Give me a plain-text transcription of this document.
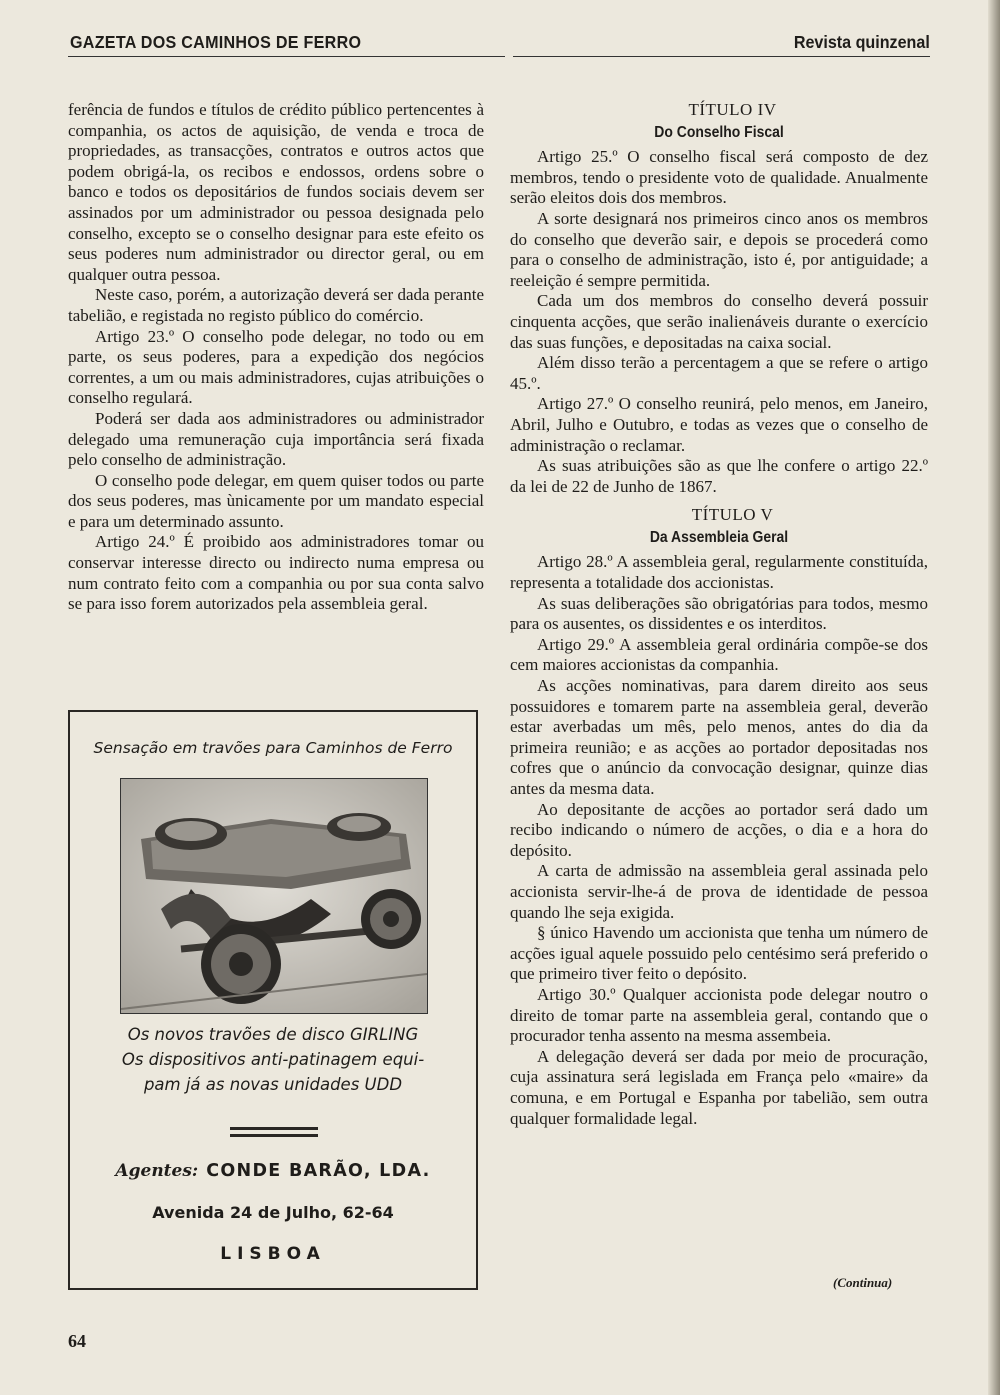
GAZETA DOS CAMINHOS DE FERRO	Revista quinzenal

ferência de fundos e títulos de crédito público pertencentes à companhia, os actos de aquisição, de venda e troca de propriedades, as transacções, contratos e outros actos que podem obrigá-la, os recibos e endossos, ordens sobre o banco e todos os depositários de fundos sociais devem ser assinados por um administrador ou pessoa designada pelo conselho, excepto se o conselho designar para este efeito os seus poderes num administrador ou director geral, ou em qualquer outra pessoa.

Neste caso, porém, a autorização deverá ser dada perante tabelião, e registada no registo público do comércio.

Artigo 23.º O conselho pode delegar, no todo ou em parte, os seus poderes, para a expedição dos negócios correntes, a um ou mais administradores, cujas atribuições o conselho regulará.

Poderá ser dada aos administradores ou administrador delegado uma remuneração cuja importância será fixada pelo conselho de administração.

O conselho pode delegar, em quem quiser todos ou parte dos seus poderes, mas ùnicamente por um mandato especial e para um determinado assunto.

Artigo 24.º É proibido aos administradores tomar ou conservar interesse directo ou indirecto numa empresa ou num contrato feito com a companhia ou por sua conta salvo se para isso forem autorizados pela assembleia geral.

Sensação em travões para Caminhos de Ferro
Os novos travões de disco GIRLING
Os dispositivos anti-patinagem equi-
pam já as novas unidades UDD
Agentes: CONDE BARÃO, LDA.
Avenida 24 de Julho, 62-64
LISBOA

TÍTULO IV

Do Conselho Fiscal

Artigo 25.º O conselho fiscal será composto de dez membros, tendo o presidente voto de qualidade. Anualmente serão eleitos dois dos membros.

A sorte designará nos primeiros cinco anos os membros do conselho que deverão sair, e depois se procederá como para o conselho de administração, isto é, por antiguidade; a reeleição é sempre permitida.

Cada um dos membros do conselho deverá possuir cinquenta acções, que serão inalienáveis durante o exercício das suas funções, e depositadas na caixa social.

Além disso terão a percentagem a que se refere o artigo 45.º.

Artigo 27.º O conselho reunirá, pelo menos, em Janeiro, Abril, Julho e Outubro, e todas as vezes que o conselho de administração o reclamar.

As suas atribuições são as que lhe confere o artigo 22.º da lei de 22 de Junho de 1867.

TÍTULO V

Da Assembleia Geral

Artigo 28.º A assembleia geral, regularmente constituída, representa a totalidade dos accionistas.

As suas deliberações são obrigatórias para todos, mesmo para os ausentes, os dissidentes e os interditos.

Artigo 29.º A assembleia geral ordinária compõe-se dos cem maiores accionistas da companhia.

As acções nominativas, para darem direito aos seus possuidores e tomarem parte na assembleia geral, deverão estar averbadas um mês, pelo menos, antes do dia da primeira reunião; e as acções ao portador depositadas nos cofres que o anúncio da convocação designar, quinze dias antes da mesma data.

Ao depositante de acções ao portador será dado um recibo indicando o número de acções, o dia e a hora do depósito.

A carta de admissão na assembleia geral assinada pelo accionista servir-lhe-á de prova de identidade de pessoa quando lhe seja exigida.

§ único Havendo um accionista que tenha um número de acções igual aquele possuido pelo centésimo será preferido o que primeiro tiver feito o depósito.

Artigo 30.º Qualquer accionista pode delegar noutro o direito de tomar parte na assembleia geral, contando que o procurador tenha assento na mesma assembeia.

A delegação deverá ser dada por meio de procuração, cuja assinatura será legislada em França pelo «maire» da comuna, e em Portugal e Espanha por tabelião, sem outra qualquer formalidade legal.

(Continua)
64
